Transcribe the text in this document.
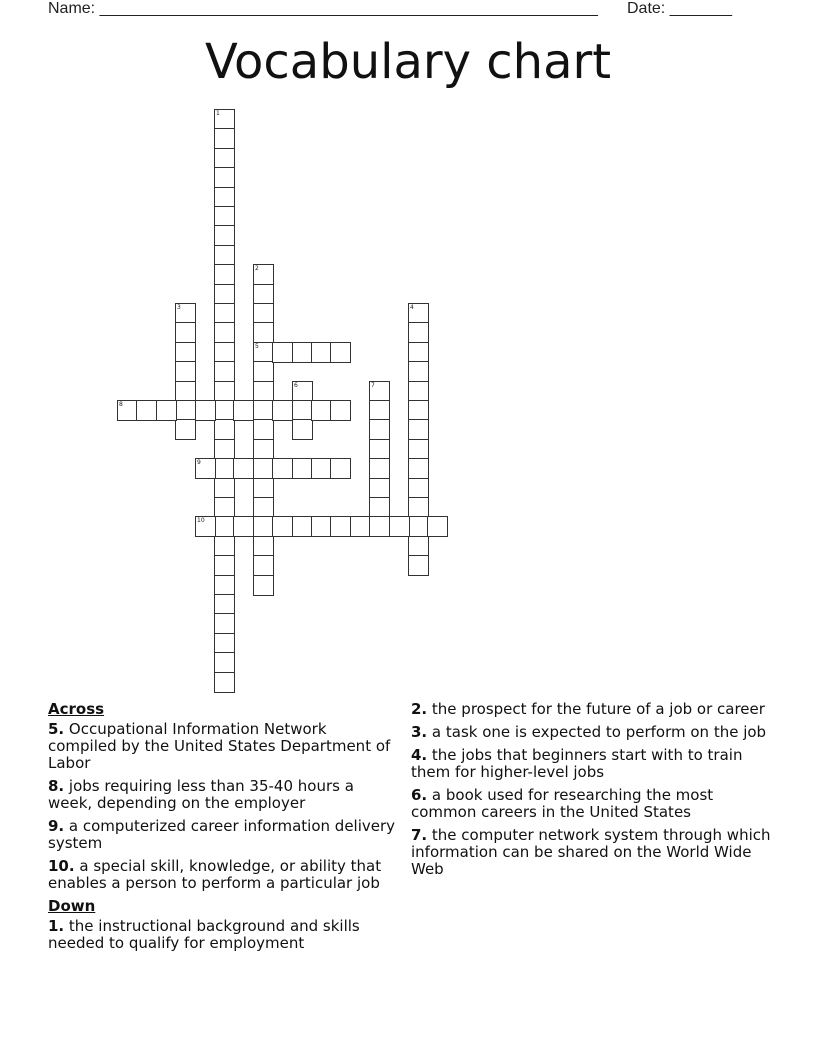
Name: ________________________________________________________ Date: _______
Vocabulary chart
1
2
5
3	4
6	7
8
9
10
Across
5. Occupational Information Network compiled by the United States Department of Labor
8. jobs requiring less than 35-40 hours a week, depending on the employer
9. a computerized career information delivery system
10. a special skill, knowledge, or ability that enables a person to perform a particular job
Down
1. the instructional background and skills needed to qualify for employment
2. the prospect for the future of a job or career
3. a task one is expected to perform on the job
4. the jobs that beginners start with to train them for higher-level jobs
6. a book used for researching the most common careers in the United States
7. the computer network system through which information can be shared on the World Wide Web
